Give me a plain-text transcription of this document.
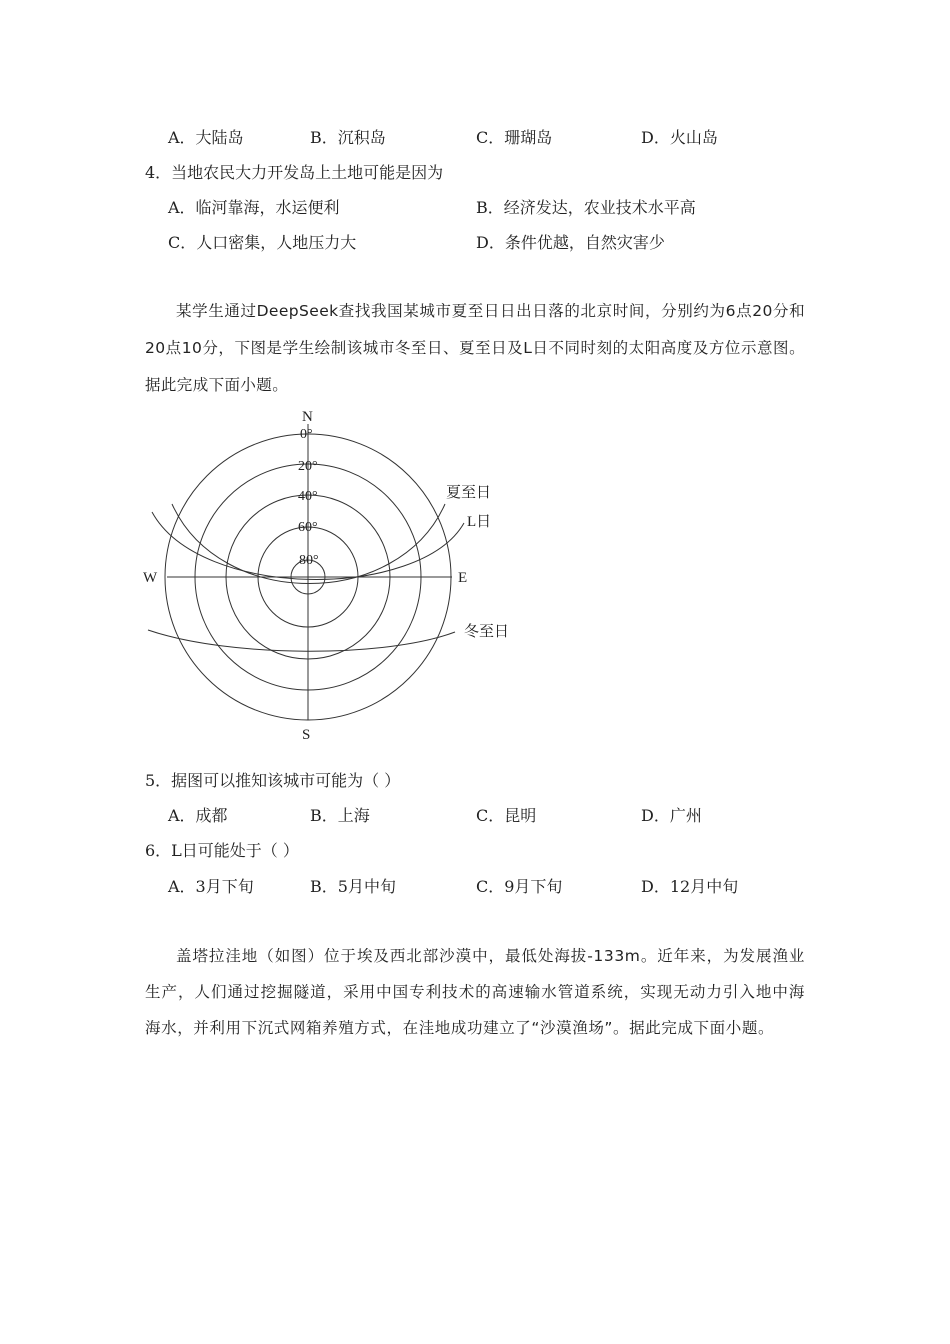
A．大陆岛	B．沉积岛	C．珊瑚岛	D．火山岛
4．当地农民大力开发岛上土地可能是因为
A．临河靠海，水运便利	B．经济发达，农业技术水平高
C．人口密集，人地压力大	D．条件优越，自然灾害少
某学生通过DeepSeek查找我国某城市夏至日日出日落的北京时间，分别约为6点20分和20点10分，下图是学生绘制该城市冬至日、夏至日及L日不同时刻的太阳高度及方位示意图。据此完成下面小题。
N
S
W	E
0°
20°
40°
60°
80°
夏至日
L日
冬至日
5．据图可以推知该城市可能为（ ）
A．成都	B．上海	C．昆明	D．广州
6．L日可能处于（ ）
A．3月下旬	B．5月中旬	C．9月下旬	D．12月中旬
盖塔拉洼地（如图）位于埃及西北部沙漠中，最低处海拔-133m。近年来，为发展渔业生产，人们通过挖掘隧道，采用中国专利技术的高速输水管道系统，实现无动力引入地中海海水，并利用下沉式网箱养殖方式，在洼地成功建立了“沙漠渔场”。据此完成下面小题。
